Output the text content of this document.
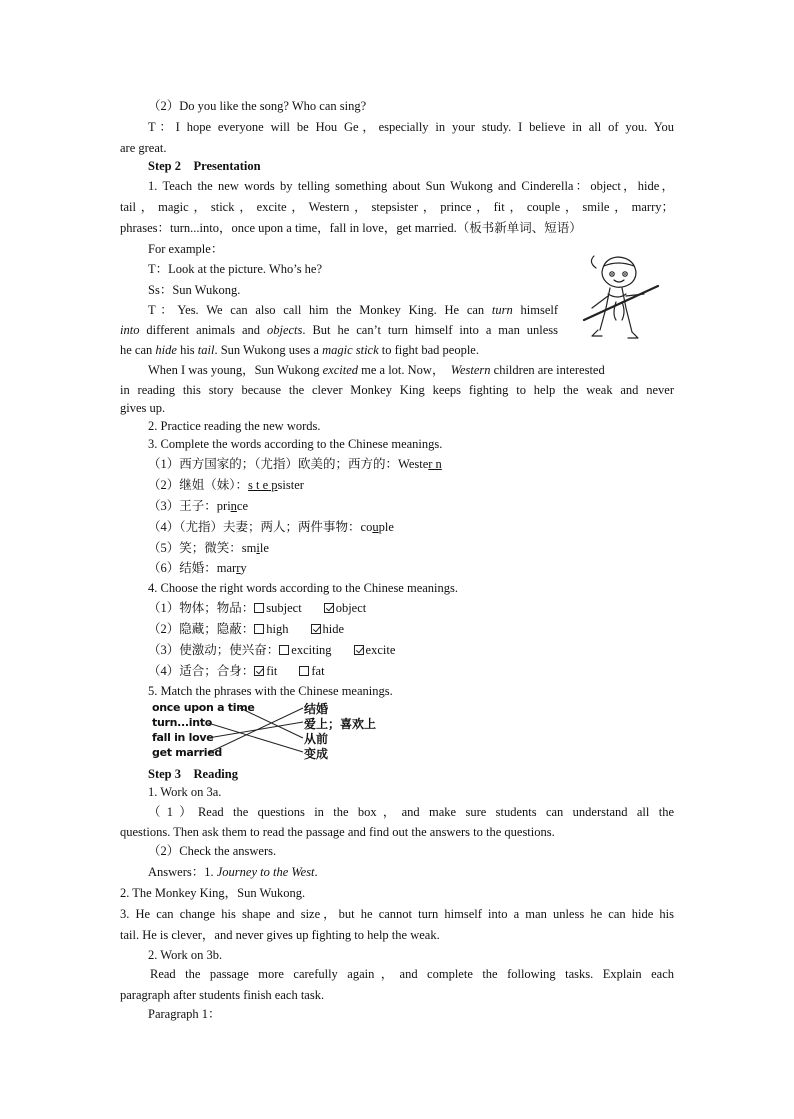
（2）Do you like the song? Who can sing?
T：I hope everyone will be Hou Ge，especially in your study. I believe in all of you. You
are great.
Step 2　Presentation
1. Teach the new words by telling something about Sun Wukong and Cinderella：object，hide，
tail，magic，stick，excite，Western，stepsister，prince，fit，couple，smile，marry；
phrases：turn...into，once upon a time，fall in love，get married.（板书新单词、短语）
For example：
T：Look at the picture. Who’s he?
Ss：Sun Wukong.
T：Yes. We can also call him the Monkey King. He can turn himself
into different animals and objects. But he can’t turn himself into a man unless
he can hide his tail. Sun Wukong uses a magic stick to fight bad people.
When I was young，Sun Wukong excited me a lot. Now， Western children are interested
in reading this story because the clever Monkey King keeps fighting to help the weak and never
gives up.
2. Practice reading the new words.
3. Complete the words according to the Chinese meanings.
（1）西方国家的；（尤指）欧美的；西方的：Wester n
（2）继姐（妹）：s t e psister
（3）王子：prince
（4）（尤指）夫妻；两人；两件事物：couple
（5）笑；微笑：smile
（6）结婚：marry
4. Choose the right words according to the Chinese meanings.
（1）物体；物品： subject	object
（2）隐藏；隐蔽： high	hide
（3）使激动；使兴奋： exciting	excite
（4）适合；合身： fit	fat
5. Match the phrases with the Chinese meanings.
once upon a time
turn...into
fall in love
get married
结婚
爱上；喜欢上
从前
变成
Step 3　Reading
1. Work on 3a.
（1）Read the questions in the box，and make sure students can understand all the
questions. Then ask them to read the passage and find out the answers to the questions.
（2）Check the answers.
Answers：1. Journey to the West.
2. The Monkey King，Sun Wukong.
3. He can change his shape and size，but he cannot turn himself into a man unless he can hide his
tail. He is clever，and never gives up fighting to help the weak.
2. Work on 3b.
Read the passage more carefully again，and complete the following tasks. Explain each
paragraph after students finish each task.
Paragraph 1：
